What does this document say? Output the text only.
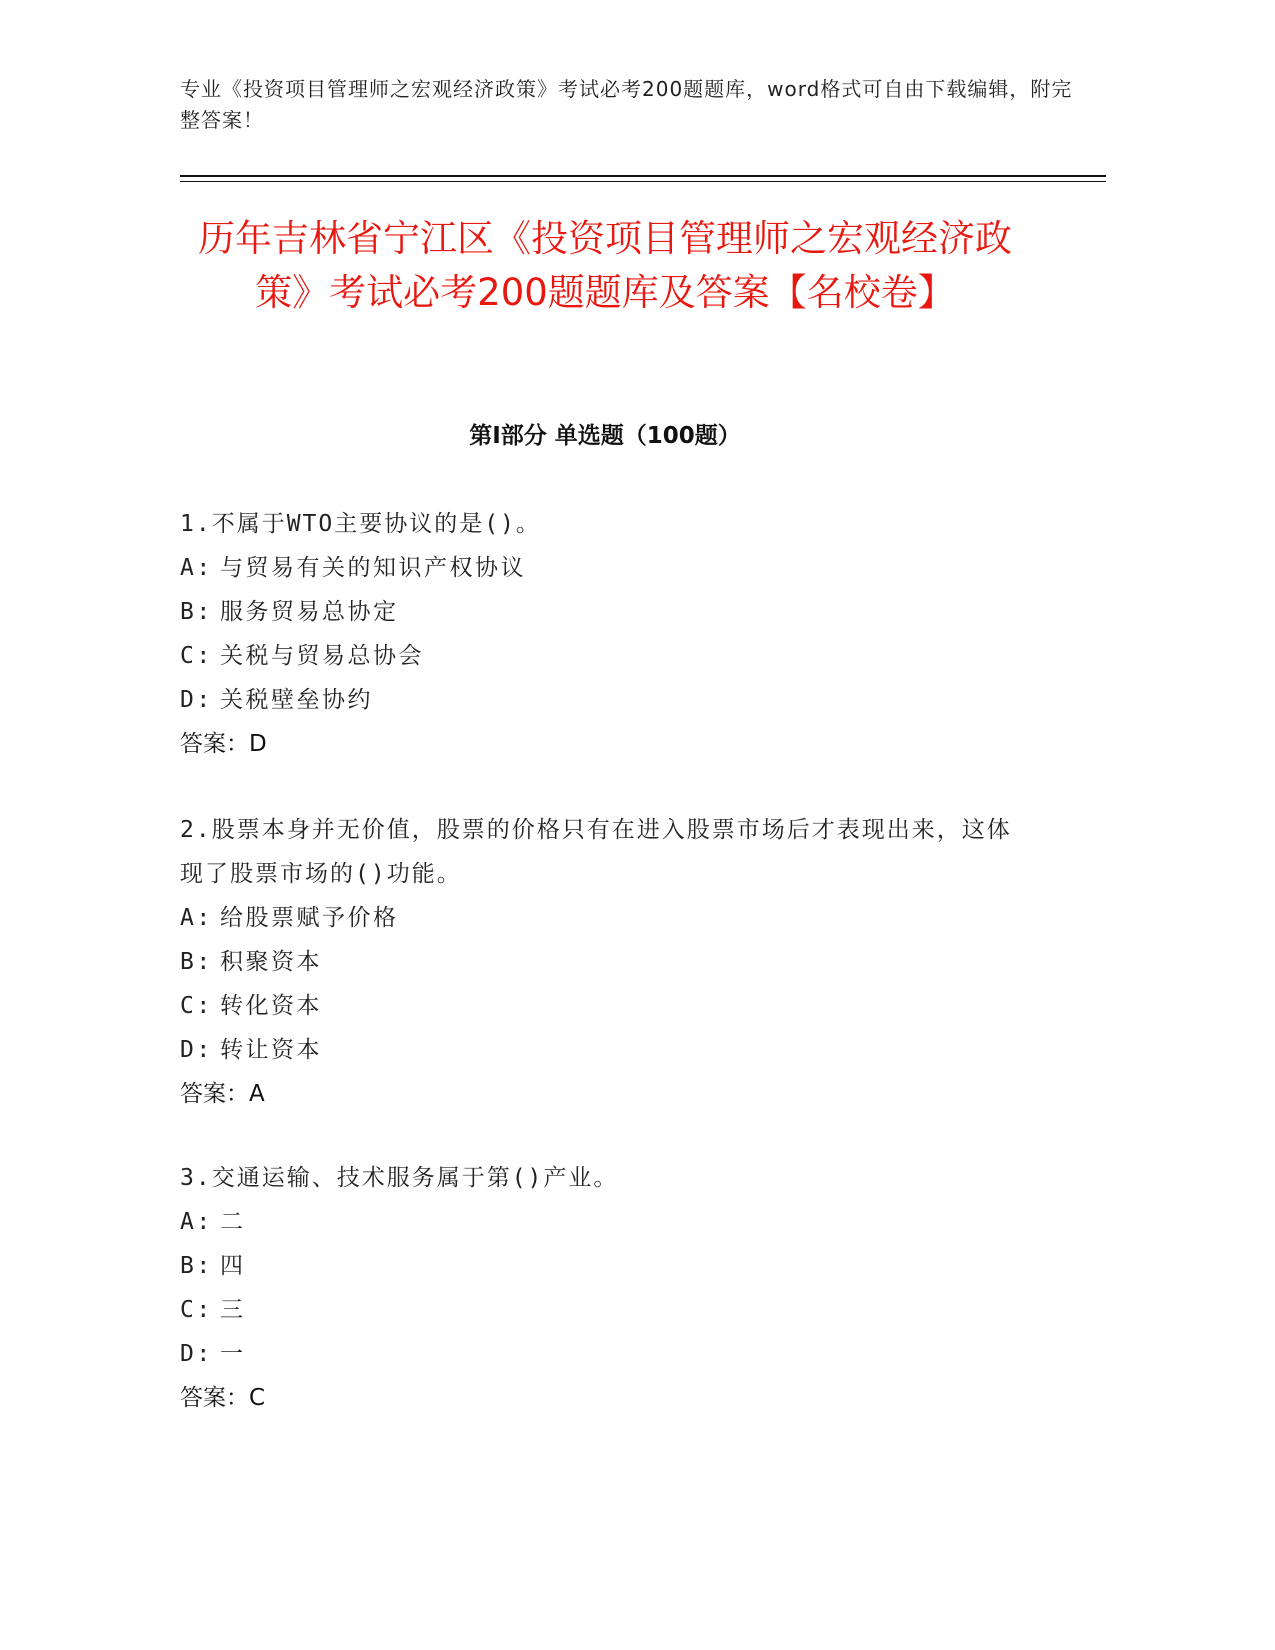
专业《投资项目管理师之宏观经济政策》考试必考200题题库，word格式可自由下载编辑，附完整答案！
历年吉林省宁江区《投资项目管理师之宏观经济政策》考试必考200题题库及答案【名校卷】
第I部分 单选题（100题）
1.不属于WTO主要协议的是()。
A: 与贸易有关的知识产权协议
B: 服务贸易总协定
C: 关税与贸易总协会
D: 关税壁垒协约
答案：D
2.股票本身并无价值，股票的价格只有在进入股票市场后才表现出来，这体现了股票市场的()功能。
A: 给股票赋予价格
B: 积聚资本
C: 转化资本
D: 转让资本
答案：A
3.交通运输、技术服务属于第()产业。
A: 二
B: 四
C: 三
D: 一
答案：C
